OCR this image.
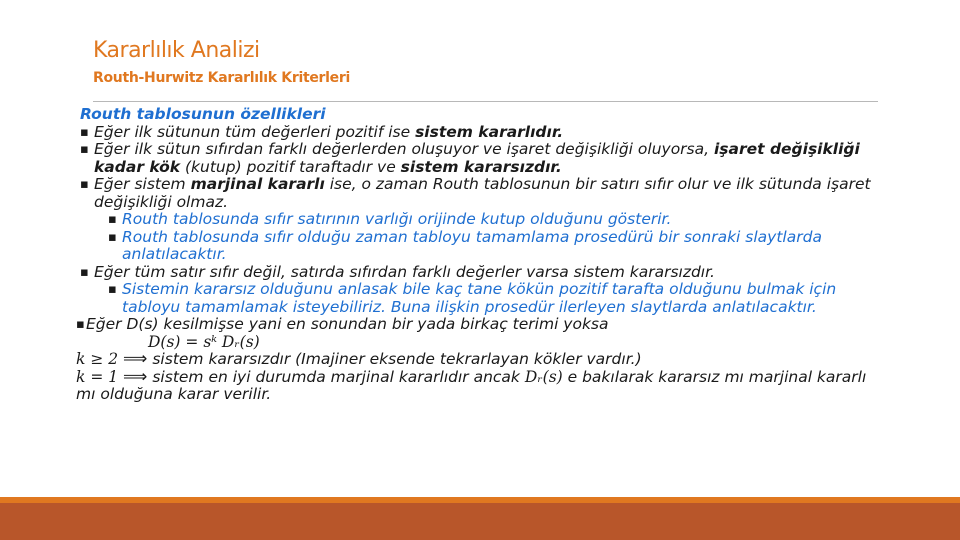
Kararlılık Analizi
Routh-Hurwitz Kararlılık Kriterleri
Routh tablosunun özellikleri
▪ Eğer ilk sütunun tüm değerleri pozitif ise sistem kararlıdır.
▪ Eğer ilk sütun sıfırdan farklı değerlerden oluşuyor ve işaret değişikliği oluyorsa, işaret değişikliği kadar kök (kutup) pozitif taraftadır ve sistem kararsızdır.
▪ Eğer sistem marjinal kararlı ise, o zaman Routh tablosunun bir satırı sıfır olur ve ilk sütunda işaret değişikliği olmaz.
▪ Routh tablosunda sıfır satırının varlığı orijinde kutup olduğunu gösterir.
▪ Routh tablosunda sıfır olduğu zaman tabloyu tamamlama prosedürü bir sonraki slaytlarda anlatılacaktır.
▪ Eğer tüm satır sıfır değil, satırda sıfırdan farklı değerler varsa sistem kararsızdır.
▪ Sistemin kararsız olduğunu anlasak bile kaç tane kökün pozitif tarafta olduğunu bulmak için tabloyu tamamlamak isteyebiliriz. Buna ilişkin prosedür ilerleyen slaytlarda anlatılacaktır.
▪ Eğer D(s) kesilmişse yani en sonundan bir yada birkaç terimi yoksa
D(s) = sᵏ Dᵣ(s)
k ≥ 2 ⟹ sistem kararsızdır (Imajiner eksende tekrarlayan kökler vardır.)
k = 1 ⟹ sistem en iyi durumda marjinal kararlıdır ancak Dᵣ(s) e bakılarak kararsız mı marjinal kararlı mı olduğuna karar verilir.
